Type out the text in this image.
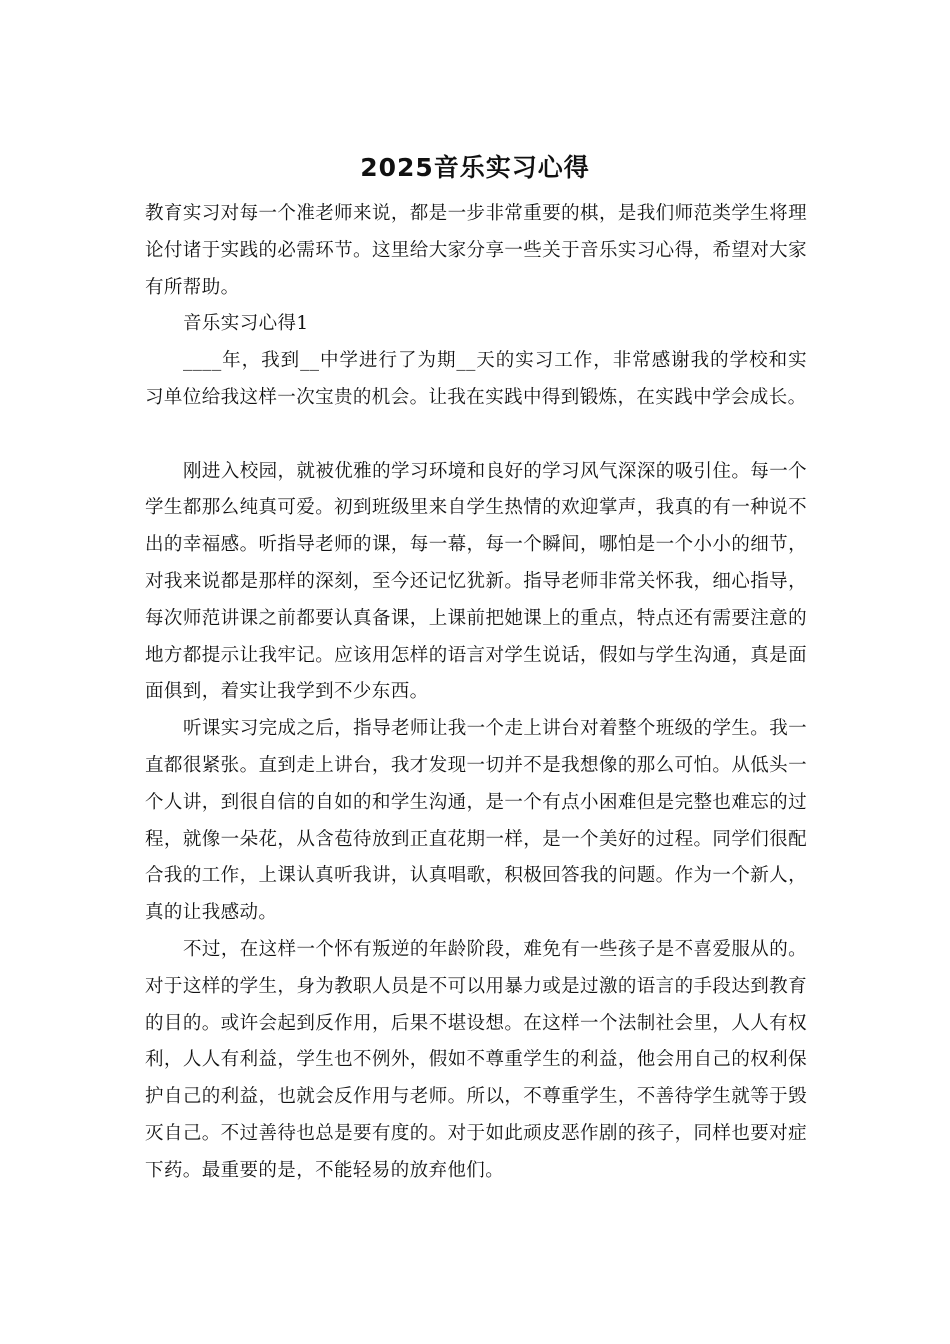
2025音乐实习心得

教育实习对每一个准老师来说，都是一步非常重要的棋，是我们师范类学生将理论付诸于实践的必需环节。这里给大家分享一些关于音乐实习心得，希望对大家有所帮助。

音乐实习心得1

____年，我到__中学进行了为期__天的实习工作，非常感谢我的学校和实习单位给我这样一次宝贵的机会。让我在实践中得到锻炼，在实践中学会成长。

刚进入校园，就被优雅的学习环境和良好的学习风气深深的吸引住。每一个学生都那么纯真可爱。初到班级里来自学生热情的欢迎掌声，我真的有一种说不出的幸福感。听指导老师的课，每一幕，每一个瞬间，哪怕是一个小小的细节，对我来说都是那样的深刻，至今还记忆犹新。指导老师非常关怀我，细心指导，每次师范讲课之前都要认真备课，上课前把她课上的重点，特点还有需要注意的地方都提示让我牢记。应该用怎样的语言对学生说话，假如与学生沟通，真是面面俱到，着实让我学到不少东西。

听课实习完成之后，指导老师让我一个走上讲台对着整个班级的学生。我一直都很紧张。直到走上讲台，我才发现一切并不是我想像的那么可怕。从低头一个人讲，到很自信的自如的和学生沟通，是一个有点小困难但是完整也难忘的过程，就像一朵花，从含苞待放到正直花期一样，是一个美好的过程。同学们很配合我的工作，上课认真听我讲，认真唱歌，积极回答我的问题。作为一个新人，真的让我感动。

不过，在这样一个怀有叛逆的年龄阶段，难免有一些孩子是不喜爱服从的。对于这样的学生，身为教职人员是不可以用暴力或是过激的语言的手段达到教育的目的。或许会起到反作用，后果不堪设想。在这样一个法制社会里，人人有权利，人人有利益，学生也不例外，假如不尊重学生的利益，他会用自己的权利保护自己的利益，也就会反作用与老师。所以，不尊重学生，不善待学生就等于毁灭自己。不过善待也总是要有度的。对于如此顽皮恶作剧的孩子，同样也要对症下药。最重要的是，不能轻易的放弃他们。
